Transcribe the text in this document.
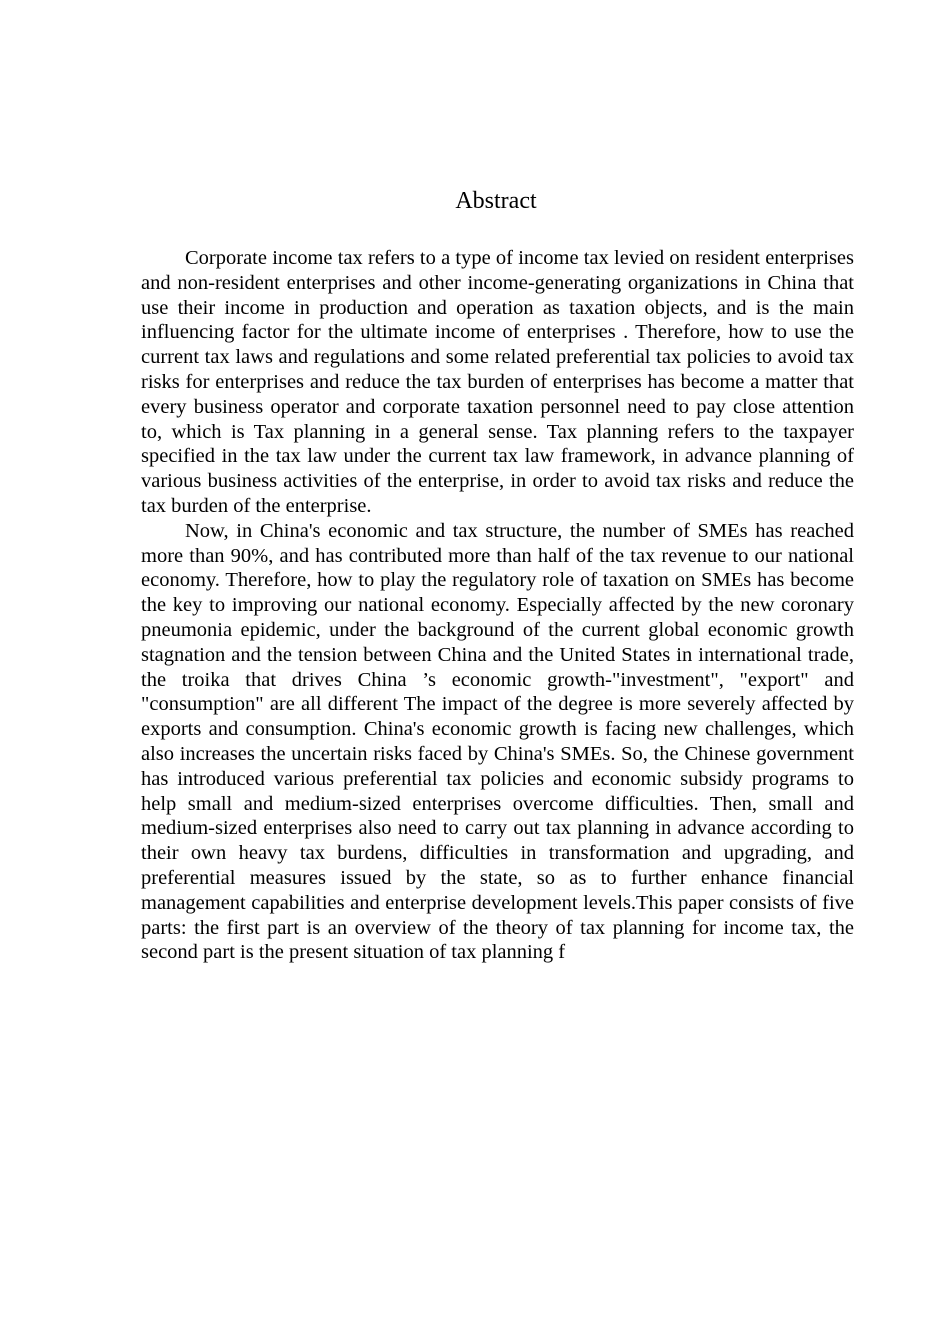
Abstract

Corporate income tax refers to a type of income tax levied on resident enterprises and non-resident enterprises and other income-generating organizations in China that use their income in production and operation as taxation objects, and is the main influencing factor for the ultimate income of enterprises . Therefore, how to use the current tax laws and regulations and some related preferential tax policies to avoid tax risks for enterprises and reduce the tax burden of enterprises has become a matter that every business operator and corporate taxation personnel need to pay close attention to, which is Tax planning in a general sense. Tax planning refers to the taxpayer specified in the tax law under the current tax law framework, in advance planning of various business activities of the enterprise, in order to avoid tax risks and reduce the tax burden of the enterprise.

Now, in China's economic and tax structure, the number of SMEs has reached more than 90%, and has contributed more than half of the tax revenue to our national economy. Therefore, how to play the regulatory role of taxation on SMEs has become the key to improving our national economy. Especially affected by the new coronary pneumonia epidemic, under the background of the current global economic growth stagnation and the tension between China and the United States in international trade, the troika that drives China ’s economic growth-"investment", "export" and "consumption" are all different The impact of the degree is more severely affected by exports and consumption. China's economic growth is facing new challenges, which also increases the uncertain risks faced by China's SMEs. So, the Chinese government has introduced various preferential tax policies and economic subsidy programs to help small and medium-sized enterprises overcome difficulties. Then, small and medium-sized enterprises also need to carry out tax planning in advance according to their own heavy tax burdens, difficulties in transformation and upgrading, and preferential measures issued by the state, so as to further enhance financial management capabilities and enterprise development levels.This paper consists of five parts: the first part is an overview of the theory of tax planning for income tax, the second part is the present situation of tax planning f
